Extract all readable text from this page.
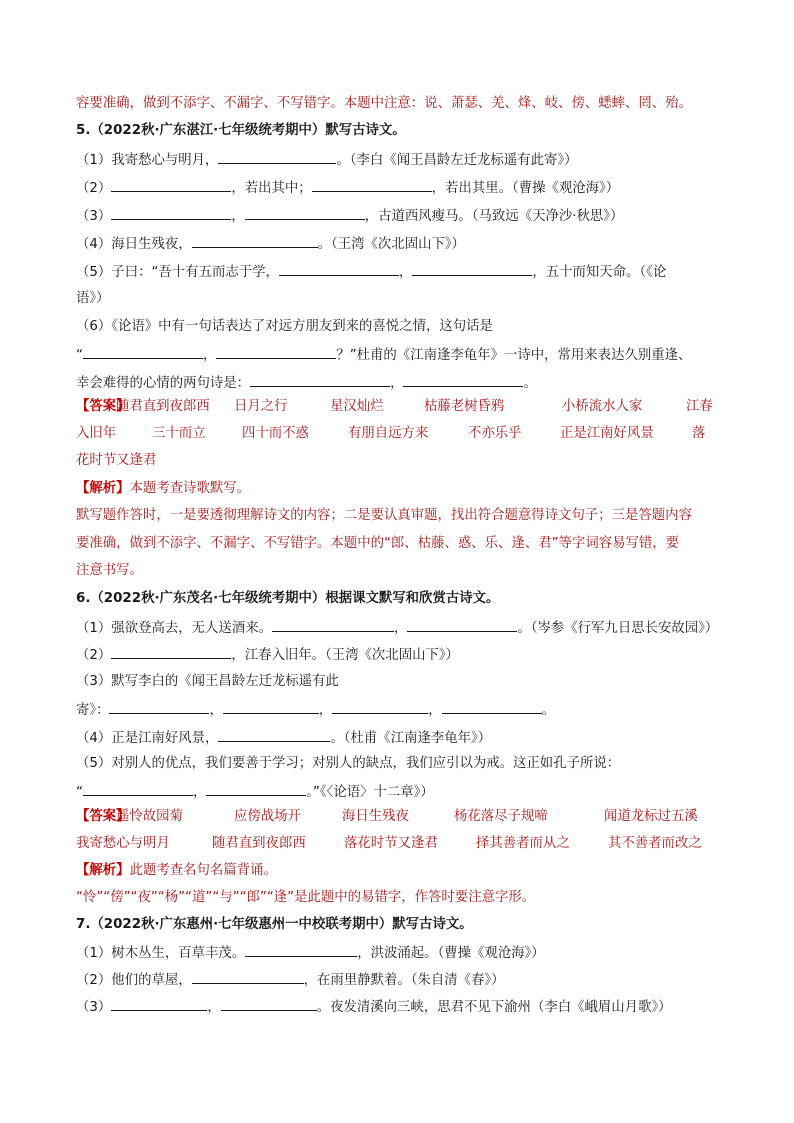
容要准确，做到不添字、不漏字、不写错字。本题中注意：说、萧瑟、羌、烽、岐、傍、蟋蟀、罔、殆。
5.（2022秋·广东湛江·七年级统考期中）默写古诗文。
（1）我寄愁心与明月，	。（李白《闻王昌龄左迁龙标遥有此寄》）
（2）	，若出其中；	，若出其里。（曹操《观沧海》）
（3）	，	，古道西风瘦马。（马致远《天净沙·秋思》）
（4）海日生残夜，	。（王湾《次北固山下》）
（5）子曰：“吾十有五而志于学，	，	，五十而知天命。（《论
语》）
（6）《论语》中有一句话表达了对远方朋友到来的喜悦之情，这句话是
“	，	？”杜甫的《江南逢李龟年》一诗中，常用来表达久别重逢、
幸会难得的心情的两句诗是：	，	。
【答案】
随君直到夜郎西 日月之行	星汉灿烂	枯藤老树昏鸦	小桥流水人家	江春
入旧年	三十而立	四十而不惑	有朋自远方来	不亦乐乎	正是江南好风景	落
花时节又逢君
【解析】本题考查诗歌默写。
默写题作答时，一是要透彻理解诗文的内容；二是要认真审题，找出符合题意得诗文句子；三是答题内容
要准确，做到不添字、不漏字、不写错字。本题中的“郎、枯藤、惑、乐、逢、君”等字词容易写错，要
注意书写。
6.（2022秋·广东茂名·七年级统考期中）根据课文默写和欣赏古诗文。
（1）强欲登高去，无人送酒来。	，	。（岑参《行军九日思长安故园》）
（2）	，江春入旧年。（王湾《次北固山下》）
（3）默写李白的《闻王昌龄左迁龙标遥有此
寄》：	，	，	，	。
（4）正是江南好风景，	。（杜甫《江南逢李龟年》）
（5）对别人的优点，我们要善于学习；对别人的缺点，我们应引以为戒。这正如孔子所说：
“	，	。”《〈论语〉十二章》）
【答案】
遥怜故园菊	应傍战场开	海日生残夜	杨花落尽子规啼	闻道龙标过五溪
我寄愁心与明月	随君直到夜郎西	落花时节又逢君	择其善者而从之	其不善者而改之
【解析】此题考查名句名篇背诵。
“怜”“傍”“夜”“杨”“道”“与”“郎”“逢”是此题中的易错字，作答时要注意字形。
7.（2022秋·广东惠州·七年级惠州一中校联考期中）默写古诗文。
（1）树木丛生，百草丰茂。	，洪波涌起。（曹操《观沧海》）
（2）他们的草屋，	，在雨里静默着。（朱自清《春》）
（3）	，	。夜发清溪向三峡，思君不见下渝州（李白《峨眉山月歌》）
